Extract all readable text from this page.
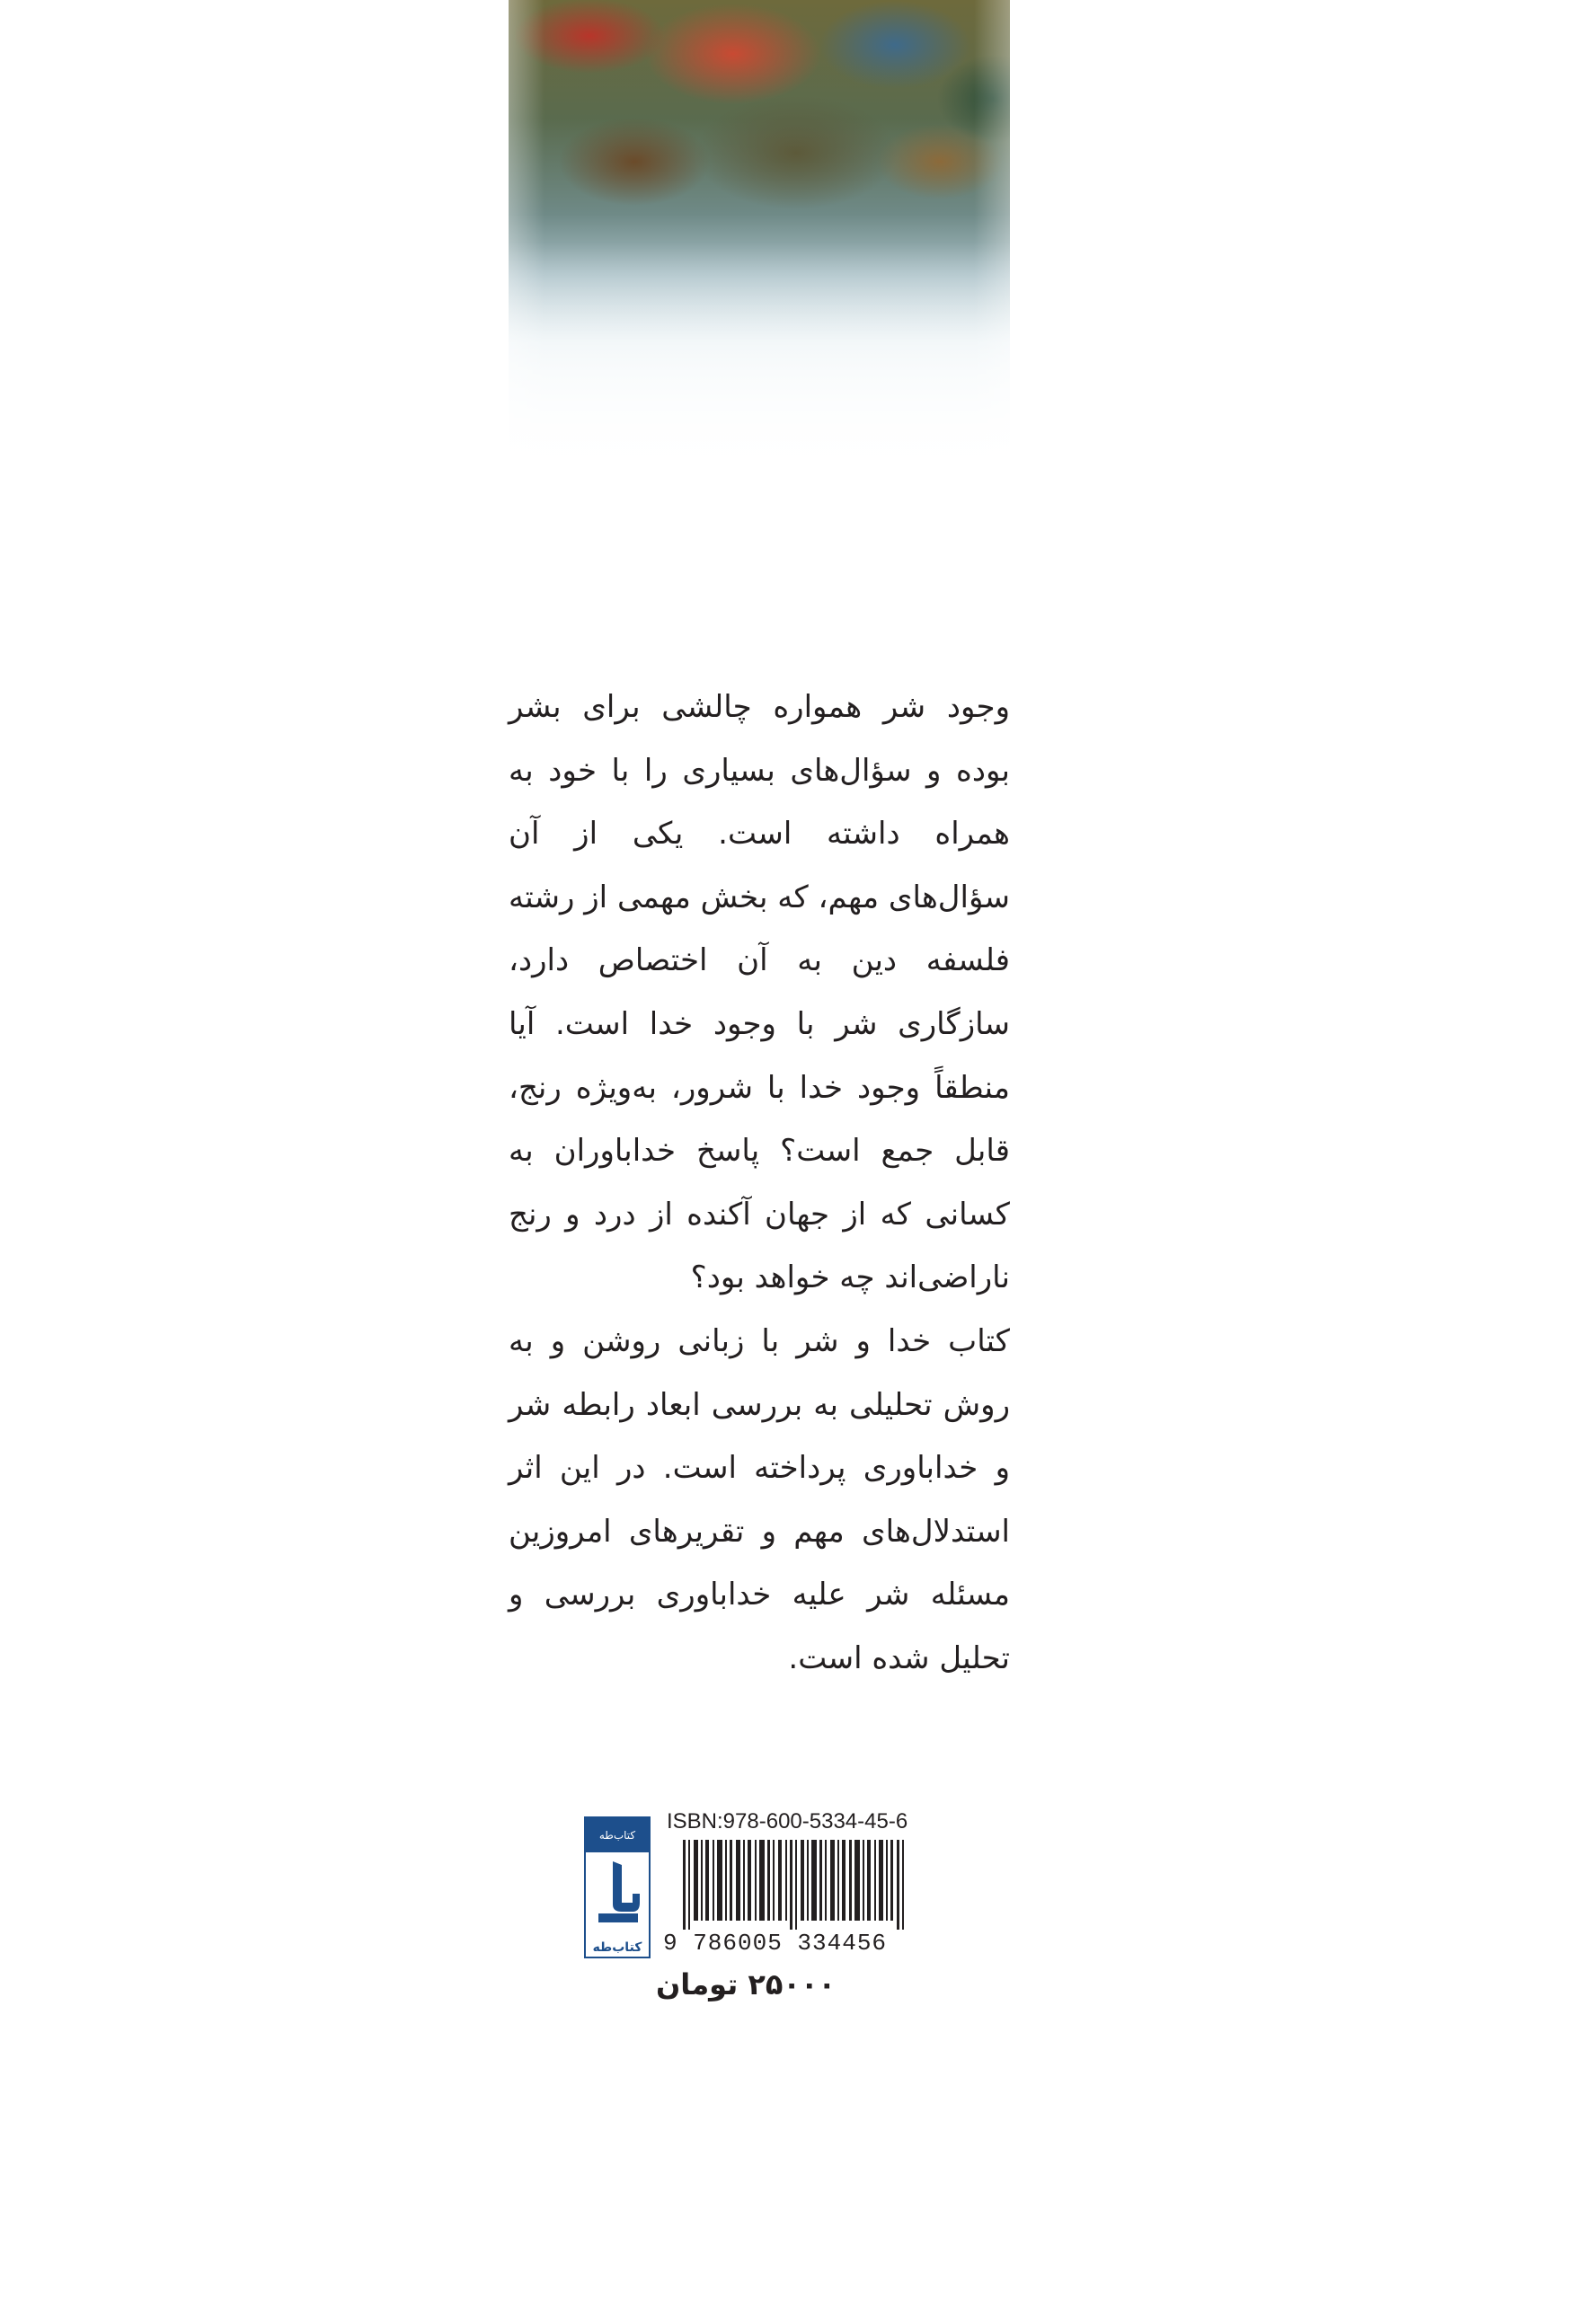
وجود شر همواره چالشی برای بشر بوده و سؤال‌های بسیاری را با خود به همراه داشته است. یکی از آن سؤال‌های مهم، که بخش مهمی از رشته فلسفه دین به آن اختصاص دارد، سازگاری شر با وجود خدا است. آیا منطقاً وجود خدا با شرور، به‌ویژه رنج، قابل جمع است؟ پاسخ خداباوران به کسانی که از جهان آکنده از درد و رنج ناراضی‌اند چه خواهد بود؟

کتاب خدا و شر با زبانی روشن و به روش تحلیلی به بررسی ابعاد رابطه شر و خداباوری پرداخته است. در این اثر استدلال‌های مهم و تقریرهای امروزین مسئله شر علیه خداباوری بررسی و تحلیل شده است.

کتاب‌طه
کتاب‌طه
ISBN:978-600-5334-45-6
9 786005 334456
۲۵۰۰۰ تومان
